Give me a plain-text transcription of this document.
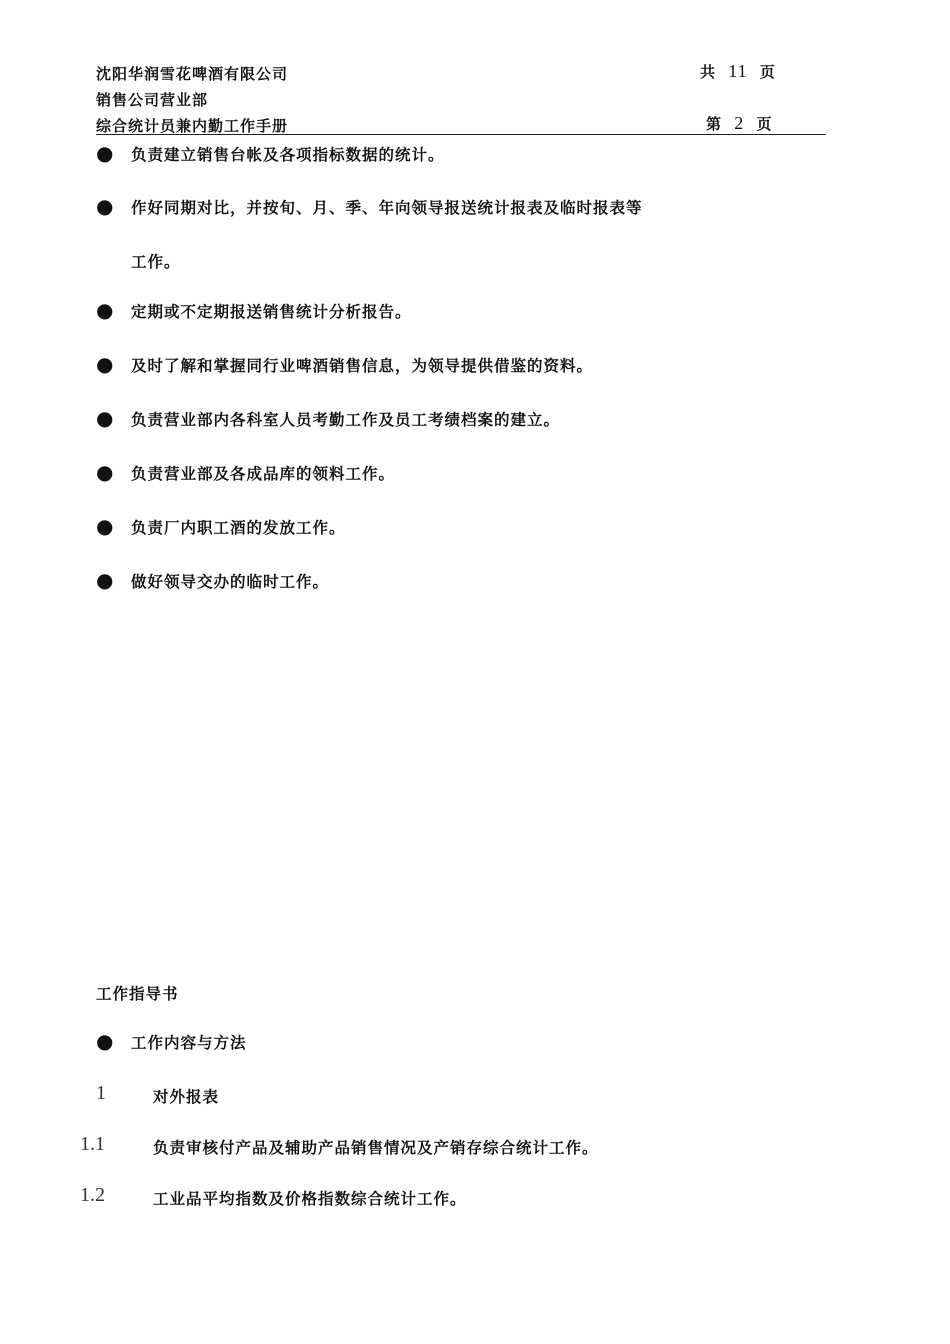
沈阳华润雪花啤酒有限公司
销售公司营业部
综合统计员兼内勤工作手册
共 11 页
第 2 页
● 负责建立销售台帐及各项指标数据的统计。
● 作好同期对比，并按旬、月、季、年向领导报送统计报表及临时报表等
工作。
● 定期或不定期报送销售统计分析报告。
● 及时了解和掌握同行业啤酒销售信息，为领导提供借鉴的资料。
● 负责营业部内各科室人员考勤工作及员工考绩档案的建立。
● 负责营业部及各成品库的领料工作。
● 负责厂内职工酒的发放工作。
● 做好领导交办的临时工作。
工作指导书
● 工作内容与方法
1	对外报表
1.1	负责审核付产品及辅助产品销售情况及产销存综合统计工作。
1.2	工业品平均指数及价格指数综合统计工作。
